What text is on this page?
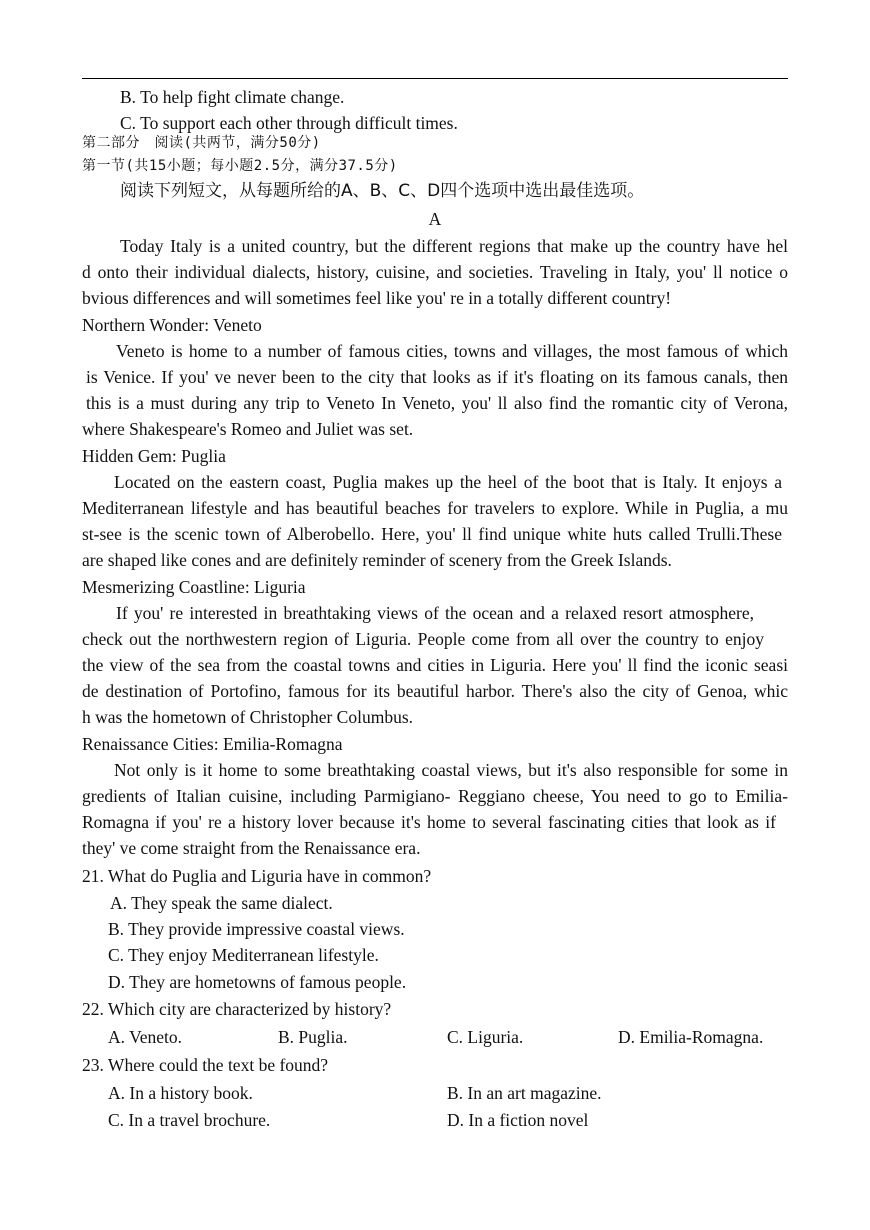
B. To help fight climate change.
C. To support each other through difficult times.
第二部分　阅读(共两节，满分50分)
第一节(共15小题；每小题2.5分，满分37.5分)
阅读下列短文，从每题所给的A、B、C、D四个选项中选出最佳选项。
A
Today Italy is a united country, but the different regions that make up the country have hel
d onto their individual dialects, history, cuisine, and societies. Traveling in Italy, you' ll notice o
bvious differences and will sometimes feel like you' re in a totally different country!
Northern Wonder: Veneto
Veneto is home to a number of famous cities, towns and villages, the most famous of which
is Venice. If you' ve never been to the city that looks as if it's floating on its famous canals, then
this is a must during any trip to Veneto In Veneto, you' ll also find the romantic city of Verona,
where Shakespeare's Romeo and Juliet was set.
Hidden Gem: Puglia
Located on the eastern coast, Puglia makes up the heel of the boot that is Italy. It enjoys a
Mediterranean lifestyle and has beautiful beaches for travelers to explore. While in Puglia, a mu
st-see is the scenic town of Alberobello. Here, you' ll find unique white huts called Trulli.These
are shaped like cones and are definitely reminder of scenery from the Greek Islands.
Mesmerizing Coastline: Liguria
If you' re interested in breathtaking views of the ocean and a relaxed resort atmosphere,
check out the northwestern region of Liguria. People come from all over the country to enjoy
the view of the sea from the coastal towns and cities in Liguria. Here you' ll find the iconic seasi
de destination of Portofino, famous for its beautiful harbor. There's also the city of Genoa, whic
h was the hometown of Christopher Columbus.
Renaissance Cities: Emilia-Romagna
Not only is it home to some breathtaking coastal views, but it's also responsible for some in
gredients of Italian cuisine, including Parmigiano- Reggiano cheese, You need to go to Emilia-
Romagna if you' re a history lover because it's home to several fascinating cities that look as if
they' ve come straight from the Renaissance era.
21. What do Puglia and Liguria have in common?
A. They speak the same dialect.
B. They provide impressive coastal views.
C. They enjoy Mediterranean lifestyle.
D. They are hometowns of famous people.
22. Which city are characterized by history?
A. Veneto.	B. Puglia.	C. Liguria.	D. Emilia-Romagna.
23. Where could the text be found?
A. In a history book.	B. In an art magazine.
C. In a travel brochure.	D. In a fiction novel
